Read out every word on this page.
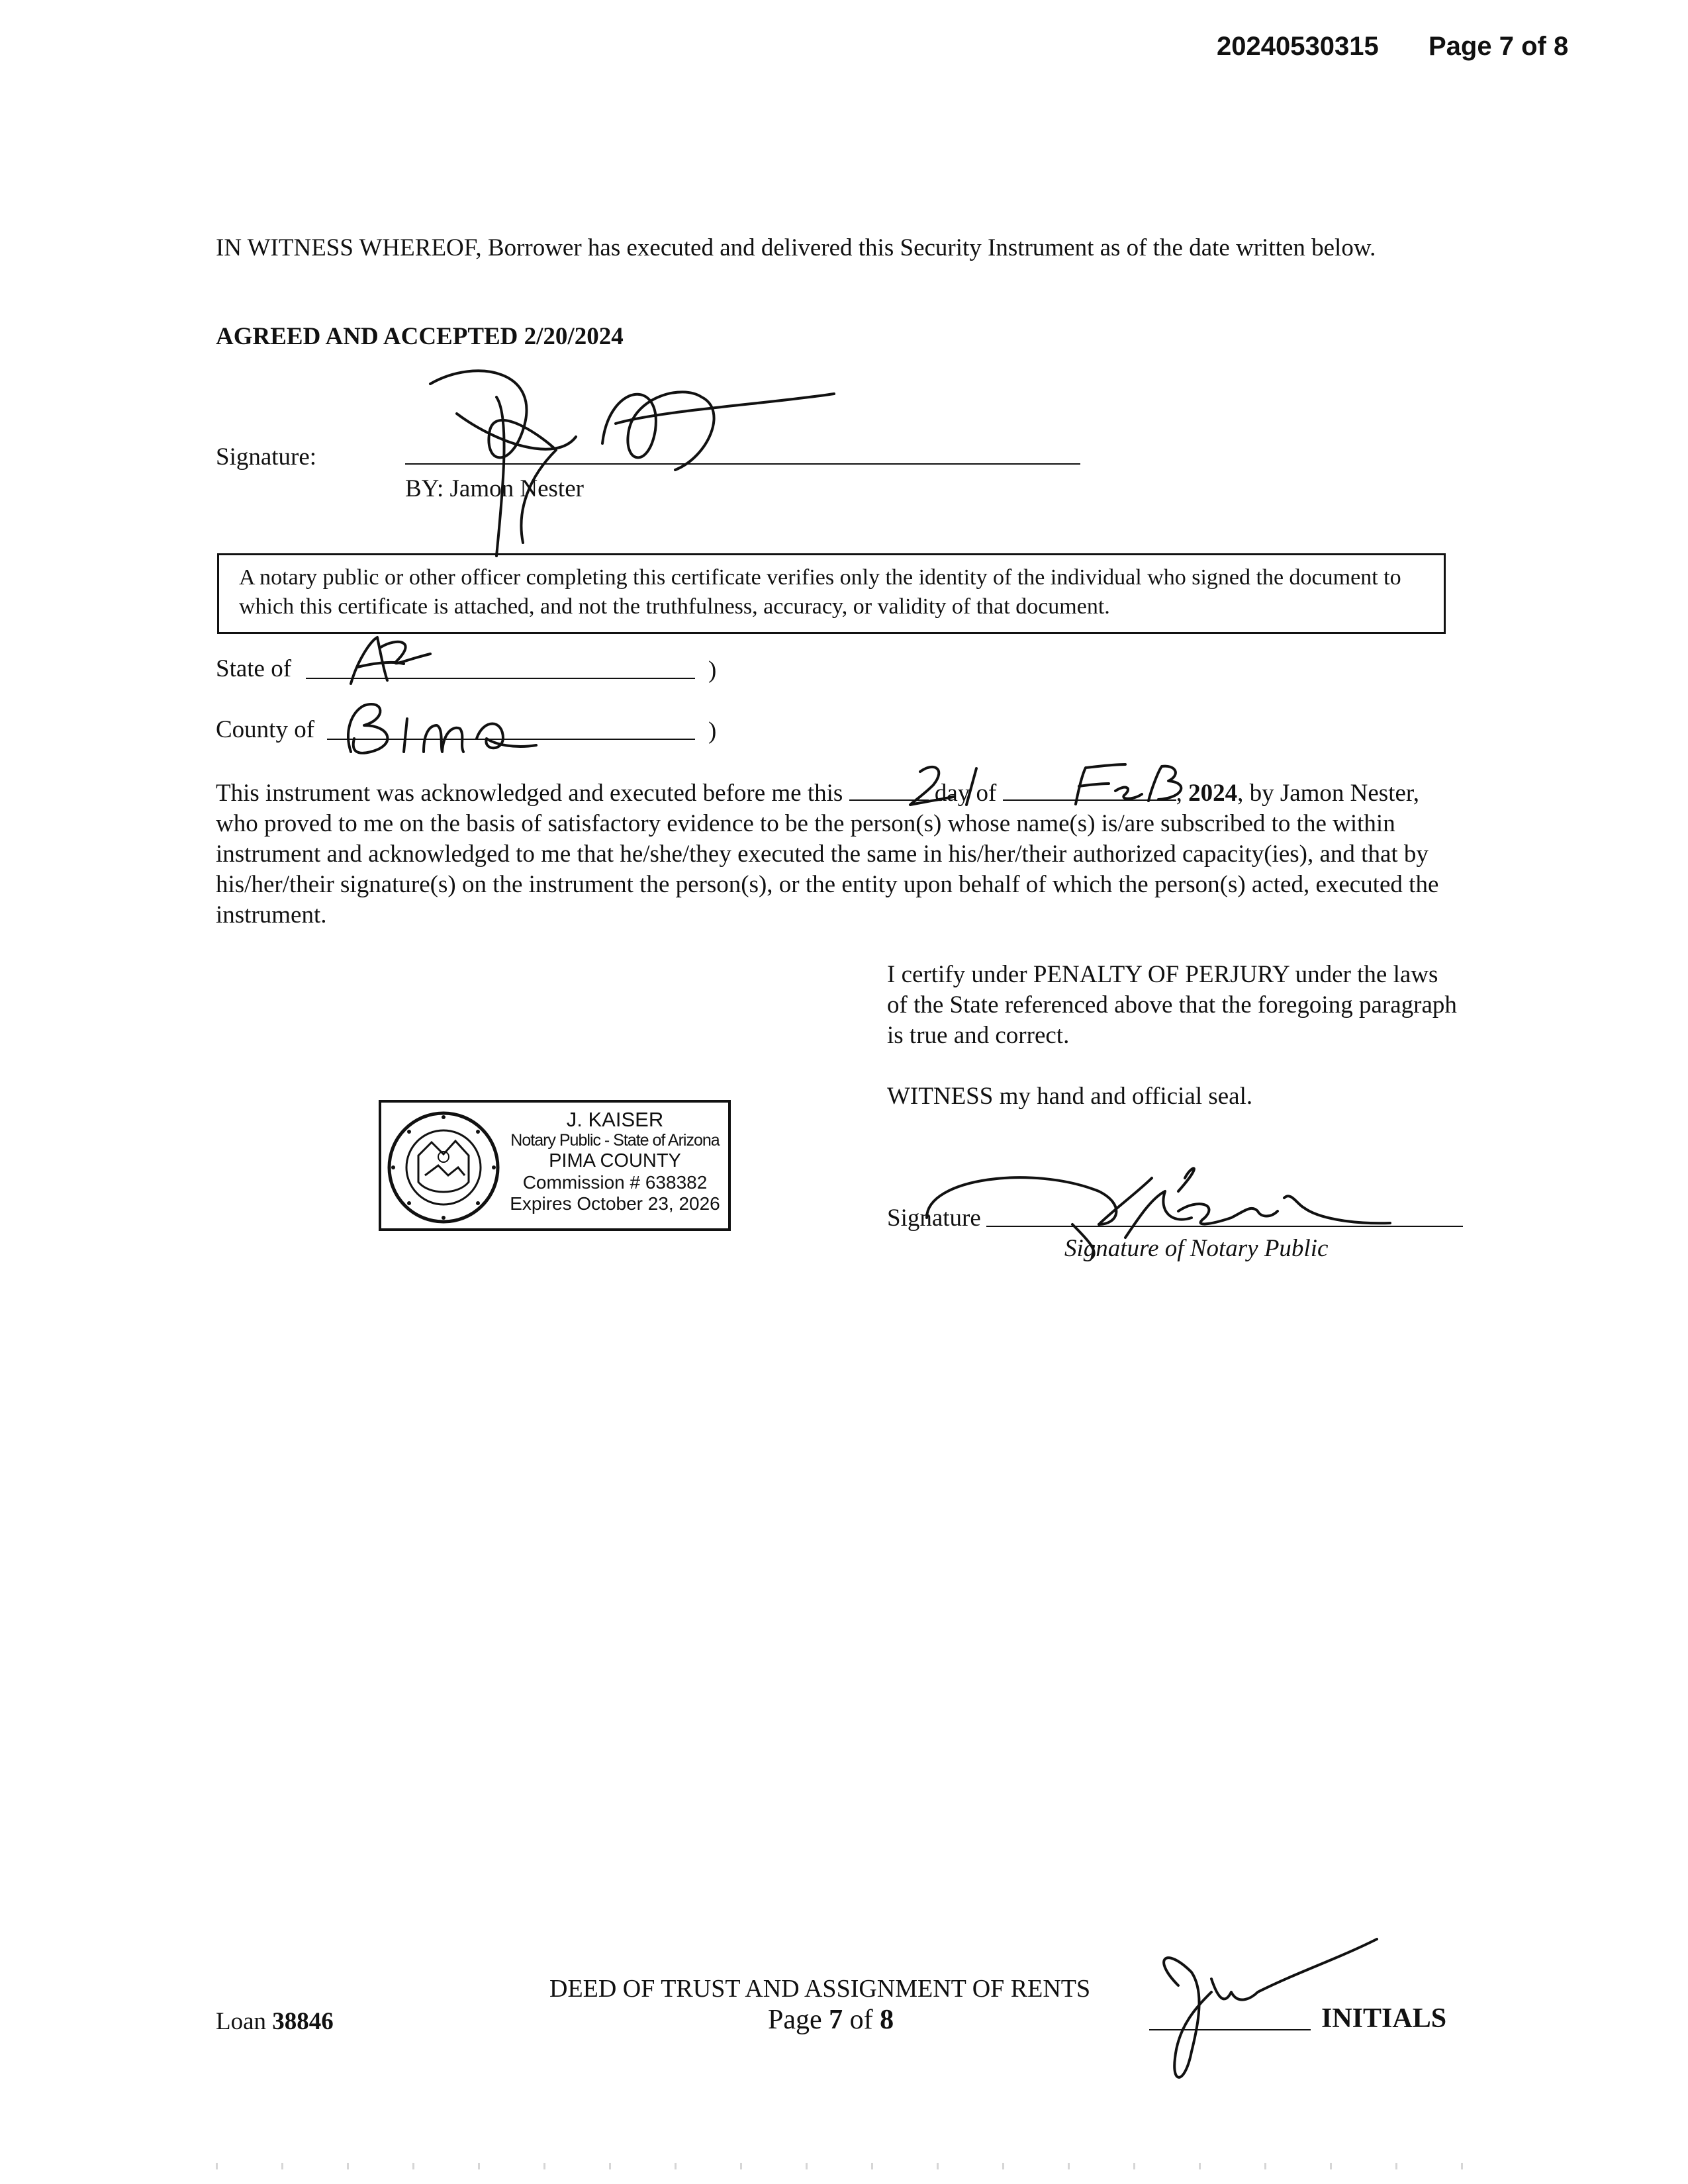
20240530315 Page 7 of 8
IN WITNESS WHEREOF, Borrower has executed and delivered this Security Instrument as of the date written below.
AGREED AND ACCEPTED 2/20/2024
Signature:
BY: Jamon Nester
A notary public or other officer completing this certificate verifies only the identity of the individual who signed the document to which this certificate is attached, and not the truthfulness, accuracy, or validity of that document.
State of	)
County of	)
This instrument was acknowledged and executed before me this	day of	, 2024, by Jamon Nester, who proved to me on the basis of satisfactory evidence to be the person(s) whose name(s) is/are subscribed to the within instrument and acknowledged to me that he/she/they executed the same in his/her/their authorized capacity(ies), and that by his/her/their signature(s) on the instrument the person(s), or the entity upon behalf of which the person(s) acted, executed the instrument.
I certify under PENALTY OF PERJURY under the laws of the State referenced above that the foregoing paragraph is true and correct.
WITNESS my hand and official seal.
Signature
Signature of Notary Public
J. KAISER
Notary Public - State of Arizona
PIMA COUNTY
Commission # 638382
Expires October 23, 2026
Loan 38846
DEED OF TRUST AND ASSIGNMENT OF RENTS
Page 7 of 8	INITIALS
